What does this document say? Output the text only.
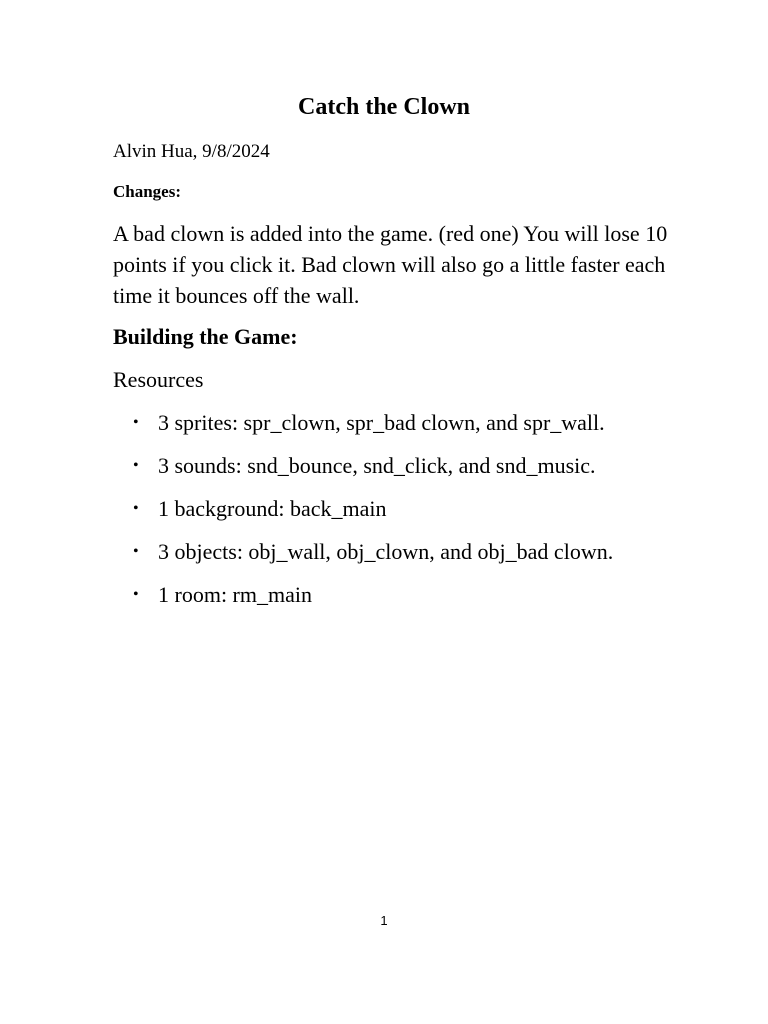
Catch the Clown

Alvin Hua, 9/8/2024

Changes:

A bad clown is added into the game. (red one) You will lose 10 points if you click it. Bad clown will also go a little faster each time it bounces off the wall.

Building the Game:

Resources

• 3 sprites: spr_clown, spr_bad clown, and spr_wall.
• 3 sounds: snd_bounce, snd_click, and snd_music.
• 1 background: back_main
• 3 objects: obj_wall, obj_clown, and obj_bad clown.
• 1 room: rm_main

1
